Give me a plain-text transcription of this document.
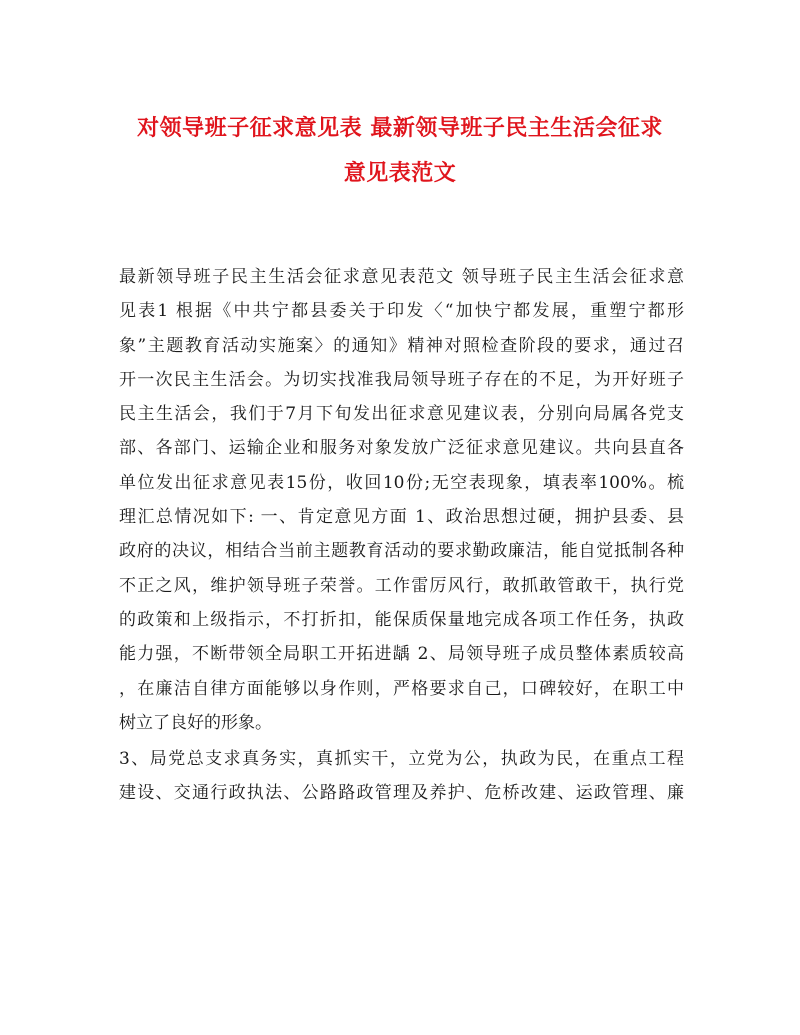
对领导班子征求意见表 最新领导班子民主生活会征求
意见表范文
最新领导班子民主生活会征求意见表范文 领导班子民主生活会征求意
见表1 根据《中共宁都县委关于印发〈“加快宁都发展，重塑宁都形
象”主题教育活动实施案〉的通知》精神对照检查阶段的要求，通过召
开一次民主生活会。为切实找准我局领导班子存在的不足，为开好班子
民主生活会，我们于7月下旬发出征求意见建议表，分别向局属各党支
部、各部门、运输企业和服务对象发放广泛征求意见建议。共向县直各
单位发出征求意见表15份，收回10份;无空表现象，填表率100%。梳
理汇总情况如下: 一、肯定意见方面 1、政治思想过硬，拥护县委、县
政府的决议，相结合当前主题教育活动的要求勤政廉洁，能自觉抵制各种
不正之风，维护领导班子荣誉。工作雷厉风行，敢抓敢管敢干，执行党
的政策和上级指示，不打折扣，能保质保量地完成各项工作任务，执政
能力强，不断带领全局职工开拓进龋 2、局领导班子成员整体素质较高
，在廉洁自律方面能够以身作则，严格要求自己，口碑较好，在职工中
树立了良好的形象。
3、局党总支求真务实，真抓实干，立党为公，执政为民，在重点工程
建设、交通行政执法、公路路政管理及养护、危桥改建、运政管理、廉
